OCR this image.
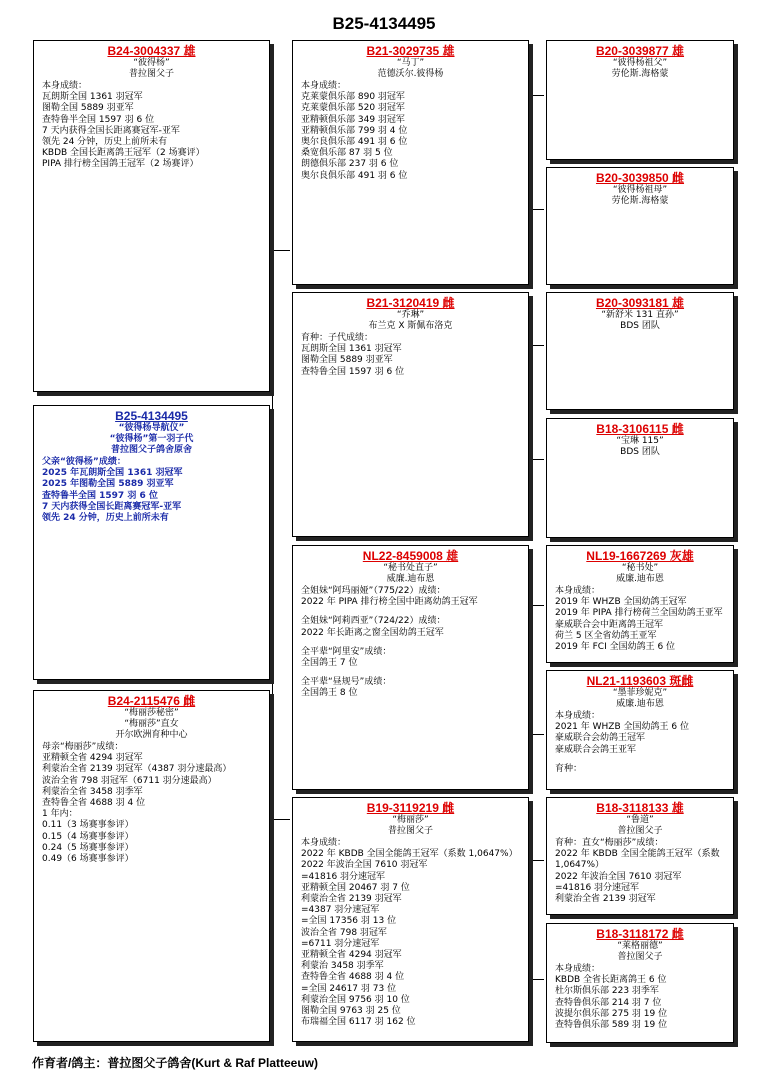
B25-4134495
B24-3004337 雄
“彼得杨”
普拉图父子
本身成绩：
瓦朗斯全国 1361 羽冠军
图勒全国 5889 羽亚军
查特鲁半全国 1597 羽 6 位
7 天内获得全国长距离赛冠军-亚军
领先 24 分钟，历史上前所未有
KBDB 全国长距离鸽王冠军（2 场赛评）
PIPA 排行榜全国鸽王冠军（2 场赛评）
B25-4134495
“彼得杨导航仪”
“彼得杨”第一羽子代
普拉图父子鸽舍原舍
父亲“彼得杨”成绩：
2025 年瓦朗斯全国 1361 羽冠军
2025 年图勒全国 5889 羽亚军
查特鲁半全国 1597 羽 6 位
7 天内获得全国长距离赛冠军-亚军
领先 24 分钟，历史上前所未有
B24-2115476 雌
“梅丽莎秘密”
“梅丽莎”直女
开尔欧洲育种中心
母亲“梅丽莎”成绩：
亚精顿全省 4294 羽冠军
利蒙治全省 2139 羽冠军（4387 羽分速最高）
波治全省 798 羽冠军（6711 羽分速最高）
利蒙治全省 3458 羽季军
查特鲁全省 4688 羽 4 位
1 年内：
0.11（3 场赛事参评）
0.15（4 场赛事参评）
0.24（5 场赛事参评）
0.49（6 场赛事参评）
B21-3029735 雄
“马丁”
范德沃尔.彼得杨
本身成绩：
克莱蒙俱乐部 890 羽冠军
克莱蒙俱乐部 520 羽冠军
亚精顿俱乐部 349 羽冠军
亚精顿俱乐部 799 羽 4 位
奥尔良俱乐部 491 羽 6 位
桑宽俱乐部 87 羽 5 位
朗德俱乐部 237 羽 6 位
奥尔良俱乐部 491 羽 6 位
B21-3120419 雌
“乔琳”
布兰克 X 斯佩布洛克
育种：子代成绩：
瓦朗斯全国 1361 羽冠军
图勒全国 5889 羽亚军
查特鲁全国 1597 羽 6 位
NL22-8459008 雄
“秘书处直子”
威廉.迪布恩
全姐妹“阿玛丽娅”（775/22）成绩：
2022 年 PIPA 排行榜全国中距离幼鸽王冠军
全姐妹“阿莉西亚”（724/22）成绩：
2022 年长距离之窗全国幼鸽王冠军
全平辈“阿里安”成绩：
全国鸽王 7 位
全平辈“昼规号”成绩：
全国鸽王 8 位
B19-3119219 雌
“梅丽莎”
普拉图父子
本身成绩：
2022 年 KBDB 全国全能鸽王冠军（系数 1,0647%）
2022 年波治全国 7610 羽冠军
=41816 羽分速冠军
亚精顿全国 20467 羽 7 位
利蒙治全省 2139 羽冠军
=4387 羽分速冠军
=全国 17356 羽 13 位
波治全省 798 羽冠军
=6711 羽分速冠军
亚精顿全省 4294 羽冠军
利蒙治 3458 羽季军
查特鲁全省 4688 羽 4 位
=全国 24617 羽 73 位
利蒙治全国 9756 羽 10 位
图勒全国 9763 羽 25 位
布瑞福全国 6117 羽 162 位
B20-3039877 雄
“彼得杨祖父”
劳伦斯.海格蒙
B20-3039850 雌
“彼得杨祖母”
劳伦斯.海格蒙
B20-3093181 雄
“新舒米 131 直孙”
BDS 团队
B18-3106115 雌
“宝琳 115”
BDS 团队
NL19-1667269 灰雄
“秘书处”
威廉.迪布恩
本身成绩：
2019 年 WHZB 全国幼鸽王冠军
2019 年 PIPA 排行榜荷兰全国幼鸽王亚军
豪威联合会中距离鸽王冠军
荷兰 5 区全省幼鸽王亚军
2019 年 FCI 全国幼鸽王 6 位
NL21-1193603 斑雌
“墨菲珍妮克”
威廉.迪布恩
本身成绩：
2021 年 WHZB 全国幼鸽王 6 位
豪威联合会幼鸽王冠军
豪威联合会鸽王亚军
育种：
B18-3118133 雄
“鲁道”
普拉图父子
育种：直女“梅丽莎”成绩：
2022 年 KBDB 全国全能鸽王冠军（系数
1,0647%）
2022 年波治全国 7610 羽冠军
=41816 羽分速冠军
利蒙治全省 2139 羽冠军
B18-3118172 雌
“莱格丽德”
普拉图父子
本身成绩：
KBDB 全省长距离鸽王 6 位
杜尔斯俱乐部 223 羽季军
查特鲁俱乐部 214 羽 7 位
波提尔俱乐部 275 羽 19 位
查特鲁俱乐部 589 羽 19 位
作育者/鸽主：普拉图父子鸽舍(Kurt & Raf Platteeuw)
